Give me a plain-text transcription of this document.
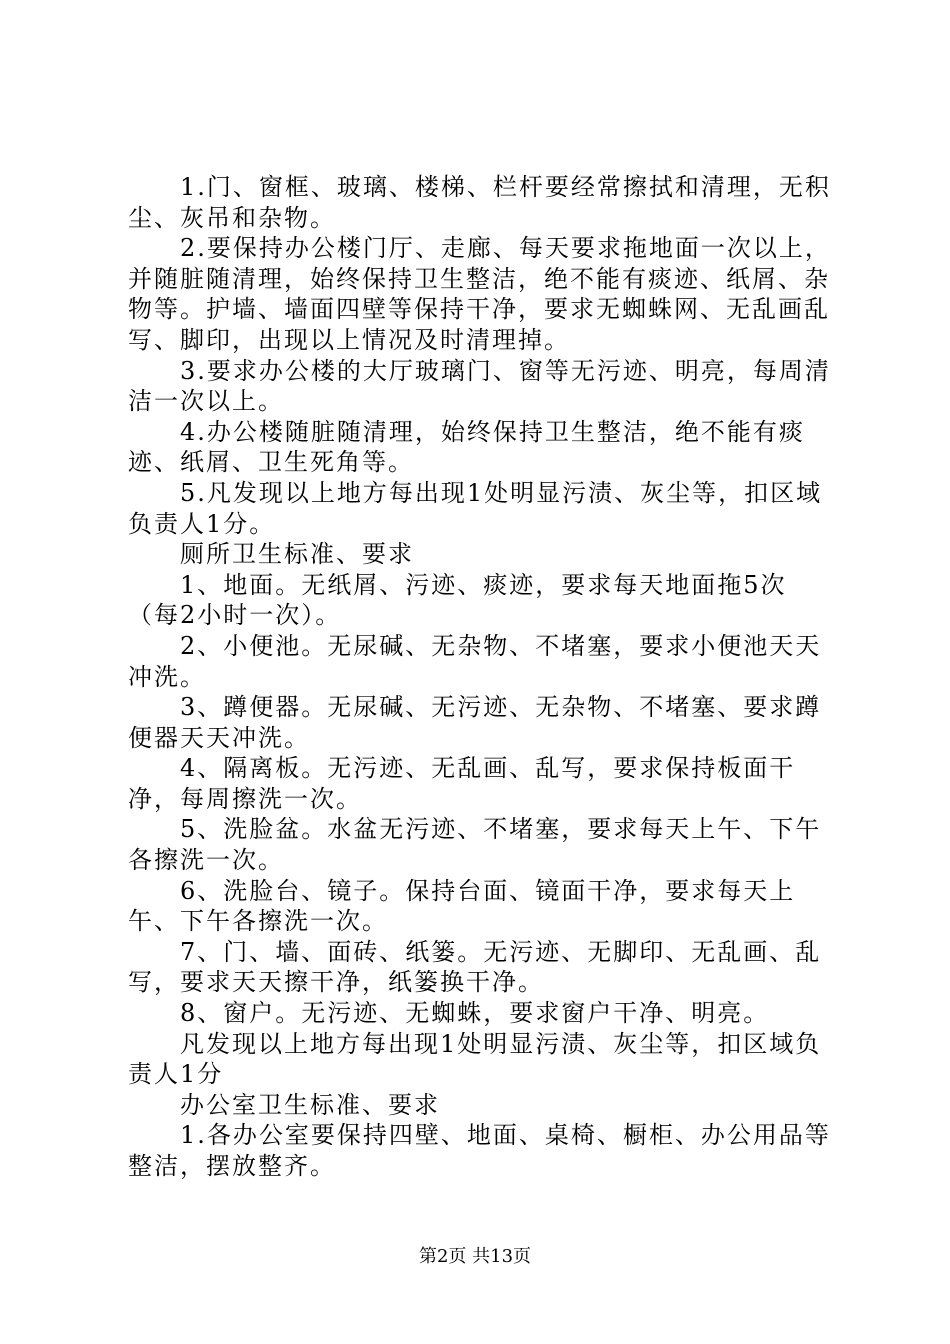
1.门、窗框、玻璃、楼梯、栏杆要经常擦拭和清理，无积尘、灰吊和杂物。

2.要保持办公楼门厅、走廊、每天要求拖地面一次以上，并随脏随清理，始终保持卫生整洁，绝不能有痰迹、纸屑、杂物等。护墙、墙面四壁等保持干净，要求无蜘蛛网、无乱画乱写、脚印，出现以上情况及时清理掉。

3.要求办公楼的大厅玻璃门、窗等无污迹、明亮，每周清洁一次以上。

4.办公楼随脏随清理，始终保持卫生整洁，绝不能有痰迹、纸屑、卫生死角等。

5.凡发现以上地方每出现1处明显污渍、灰尘等，扣区域负责人1分。

厕所卫生标准、要求

1、地面。无纸屑、污迹、痰迹，要求每天地面拖5次（每2小时一次）。

2、小便池。无尿碱、无杂物、不堵塞，要求小便池天天冲洗。

3、蹲便器。无尿碱、无污迹、无杂物、不堵塞、要求蹲便器天天冲洗。

4、隔离板。无污迹、无乱画、乱写，要求保持板面干净，每周擦洗一次。

5、洗脸盆。水盆无污迹、不堵塞，要求每天上午、下午各擦洗一次。

6、洗脸台、镜子。保持台面、镜面干净，要求每天上午、下午各擦洗一次。

7、门、墙、面砖、纸篓。无污迹、无脚印、无乱画、乱写，要求天天擦干净，纸篓换干净。

8、窗户。无污迹、无蜘蛛，要求窗户干净、明亮。

凡发现以上地方每出现1处明显污渍、灰尘等，扣区域负责人1分

办公室卫生标准、要求

1.各办公室要保持四壁、地面、桌椅、橱柜、办公用品等整洁，摆放整齐。

第2页 共13页
